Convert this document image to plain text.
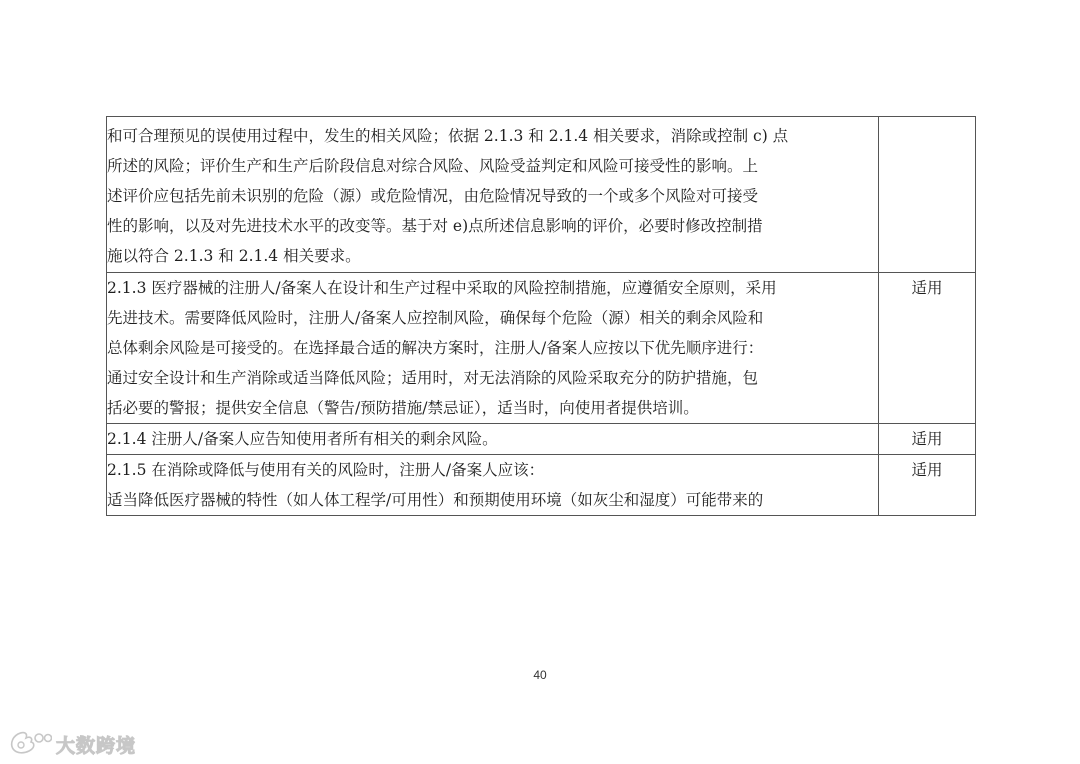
和可合理预见的误使用过程中，发生的相关风险；依据 2.1.3 和 2.1.4 相关要求，消除或控制 c) 点
所述的风险；评价生产和生产后阶段信息对综合风险、风险受益判定和风险可接受性的影响。上
述评价应包括先前未识别的危险（源）或危险情况，由危险情况导致的一个或多个风险对可接受
性的影响，以及对先进技术水平的改变等。基于对 e)点所述信息影响的评价，必要时修改控制措
施以符合 2.1.3 和 2.1.4 相关要求。	

2.1.3 医疗器械的注册人/备案人在设计和生产过程中采取的风险控制措施，应遵循安全原则，采用
先进技术。需要降低风险时，注册人/备案人应控制风险，确保每个危险（源）相关的剩余风险和
总体剩余风险是可接受的。在选择最合适的解决方案时，注册人/备案人应按以下优先顺序进行：
通过安全设计和生产消除或适当降低风险；适用时，对无法消除的风险采取充分的防护措施，包
括必要的警报；提供安全信息（警告/预防措施/禁忌证），适当时，向使用者提供培训。	适用

2.1.4 注册人/备案人应告知使用者所有相关的剩余风险。	适用

2.1.5 在消除或降低与使用有关的风险时，注册人/备案人应该：
适当降低医疗器械的特性（如人体工程学/可用性）和预期使用环境（如灰尘和湿度）可能带来的	适用
40
大数跨境
